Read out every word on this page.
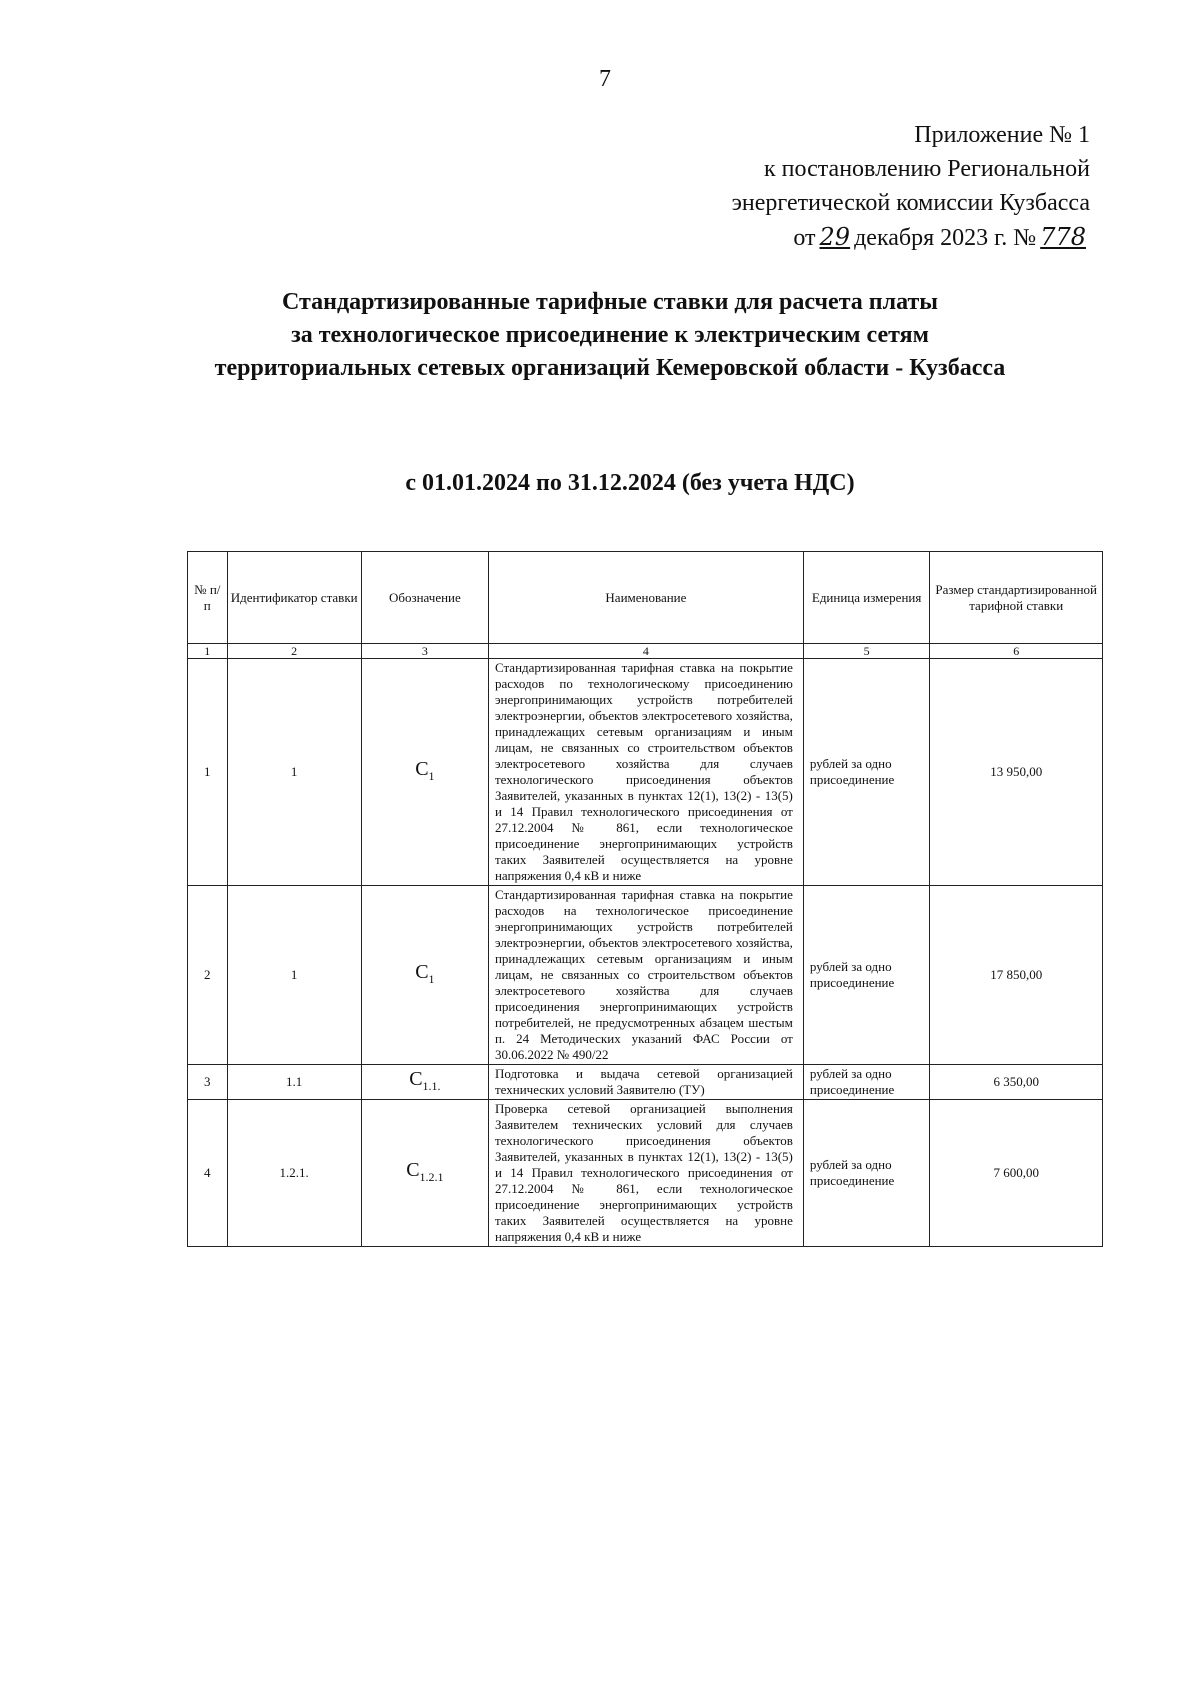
7
Приложение № 1
к постановлению Региональной
энергетической комиссии Кузбасса
от 29 декабря 2023 г. № 778
Стандартизированные тарифные ставки для расчета платы
за технологическое присоединение к электрическим сетям
территориальных сетевых организаций Кемеровской области - Кузбасса
с 01.01.2024 по 31.12.2024 (без учета НДС)
№ п/п	Идентификатор ставки	Обозначение	Наименование	Единица измерения	Размер стандартизированной тарифной ставки
1	2	3	4	5	6
1	1	$C_1$	Стандартизированная тарифная ставка на покрытие расходов по технологическому присоединению энергопринимающих устройств потребителей электроэнергии, объектов электросетевого хозяйства, принадлежащих сетевым организациям и иным лицам, не связанных со строительством объектов электросетевого хозяйства для случаев технологического присоединения объектов Заявителей, указанных в пунктах 12(1), 13(2) - 13(5) и 14 Правил технологического присоединения от 27.12.2004 № 861, если технологическое присоединение энергопринимающих устройств таких Заявителей осуществляется на уровне напряжения 0,4 кВ и ниже	рублей за одно присоединение	13 950,00
2	1	$C_1$	Стандартизированная тарифная ставка на покрытие расходов на технологическое присоединение энергопринимающих устройств потребителей электроэнергии, объектов электросетевого хозяйства, принадлежащих сетевым организациям и иным лицам, не связанных со строительством объектов электросетевого хозяйства для случаев присоединения энергопринимающих устройств потребителей, не предусмотренных абзацем шестым п. 24 Методических указаний ФАС России от 30.06.2022 № 490/22	рублей за одно присоединение	17 850,00
3	1.1	$C_{1.1.}$	Подготовка и выдача сетевой организацией технических условий Заявителю (ТУ)	рублей за одно присоединение	6 350,00
4	1.2.1.	$C_{1.2.1}$	Проверка сетевой организацией выполнения Заявителем технических условий для случаев технологического присоединения объектов Заявителей, указанных в пунктах 12(1), 13(2) - 13(5) и 14 Правил технологического присоединения от 27.12.2004 № 861, если технологическое присоединение энергопринимающих устройств таких Заявителей осуществляется на уровне напряжения 0,4 кВ и ниже	рублей за одно присоединение	7 600,00
